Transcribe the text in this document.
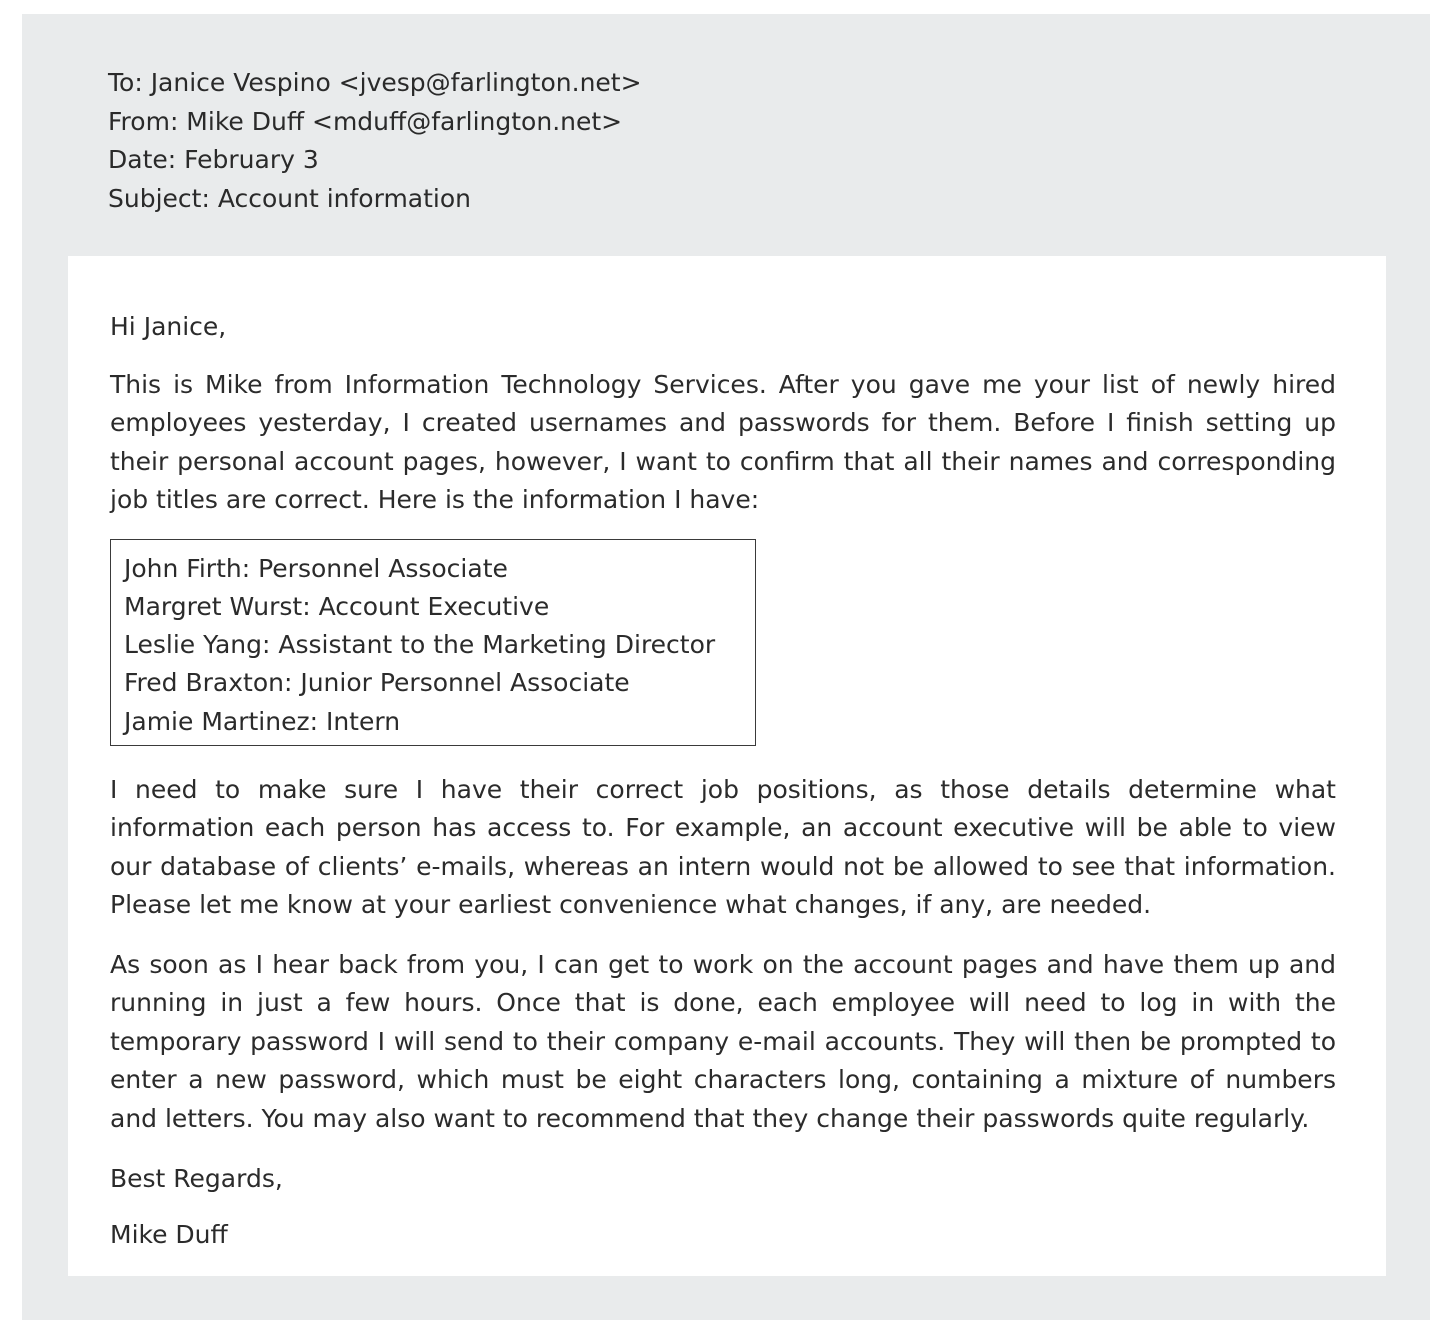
To: Janice Vespino <jvesp@farlington.net>
From: Mike Duff <mduff@farlington.net>
Date: February 3
Subject: Account information

Hi Janice,

This is Mike from Information Technology Services. After you gave me your list of newly hired employees yesterday, I created usernames and passwords for them. Before I finish setting up their personal account pages, however, I want to confirm that all their names and corresponding job titles are correct. Here is the information I have:

John Firth: Personnel Associate
Margret Wurst: Account Executive
Leslie Yang: Assistant to the Marketing Director
Fred Braxton: Junior Personnel Associate
Jamie Martinez: Intern

I need to make sure I have their correct job positions, as those details determine what information each person has access to. For example, an account executive will be able to view our database of clients’ e-mails, whereas an intern would not be allowed to see that information. Please let me know at your earliest convenience what changes, if any, are needed.

As soon as I hear back from you, I can get to work on the account pages and have them up and running in just a few hours. Once that is done, each employee will need to log in with the temporary password I will send to their company e-mail accounts. They will then be prompted to enter a new password, which must be eight characters long, containing a mixture of numbers and letters. You may also want to recommend that they change their passwords quite regularly.

Best Regards,

Mike Duff
